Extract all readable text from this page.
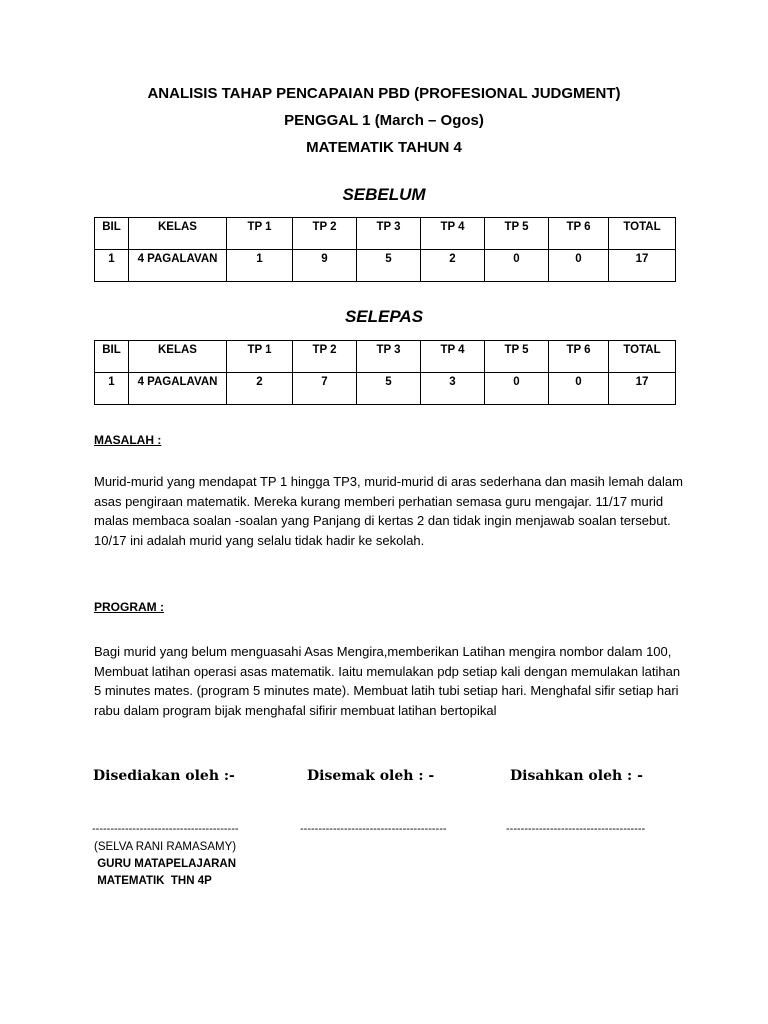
ANALISIS TAHAP PENCAPAIAN PBD (PROFESIONAL JUDGMENT)
PENGGAL 1 (March – Ogos)
MATEMATIK TAHUN 4
SEBELUM
BIL	KELAS	TP 1	TP 2	TP 3	TP 4	TP 5	TP 6	TOTAL
1	4 PAGALAVAN	1	9	5	2	0	0	17
SELEPAS
BIL	KELAS	TP 1	TP 2	TP 3	TP 4	TP 5	TP 6	TOTAL
1	4 PAGALAVAN	2	7	5	3	0	0	17
MASALAH :
Murid-murid yang mendapat TP 1 hingga TP3, murid-murid di aras sederhana dan masih lemah dalam asas pengiraan matematik. Mereka kurang memberi perhatian semasa guru mengajar. 11/17 murid malas membaca soalan -soalan yang Panjang di kertas 2 dan tidak ingin menjawab soalan tersebut. 10/17 ini adalah murid yang selalu tidak hadir ke sekolah.
PROGRAM :
Bagi murid yang belum menguasahi Asas Mengira,memberikan Latihan mengira nombor dalam 100, Membuat latihan operasi asas matematik. Iaitu memulakan pdp setiap kali dengan memulakan latihan 5 minutes mates. (program 5 minutes mate). Membuat latih tubi setiap hari. Menghafal sifir setiap hari rabu dalam program bijak menghafal sifirir membuat latihan bertopikal
Disediakan oleh :-	Disemak oleh : -	Disahkan oleh : -
----------------------------------------	----------------------------------------	--------------------------------------
(SELVA RANI RAMASAMY)
GURU MATAPELAJARAN
MATEMATIK  THN 4P
